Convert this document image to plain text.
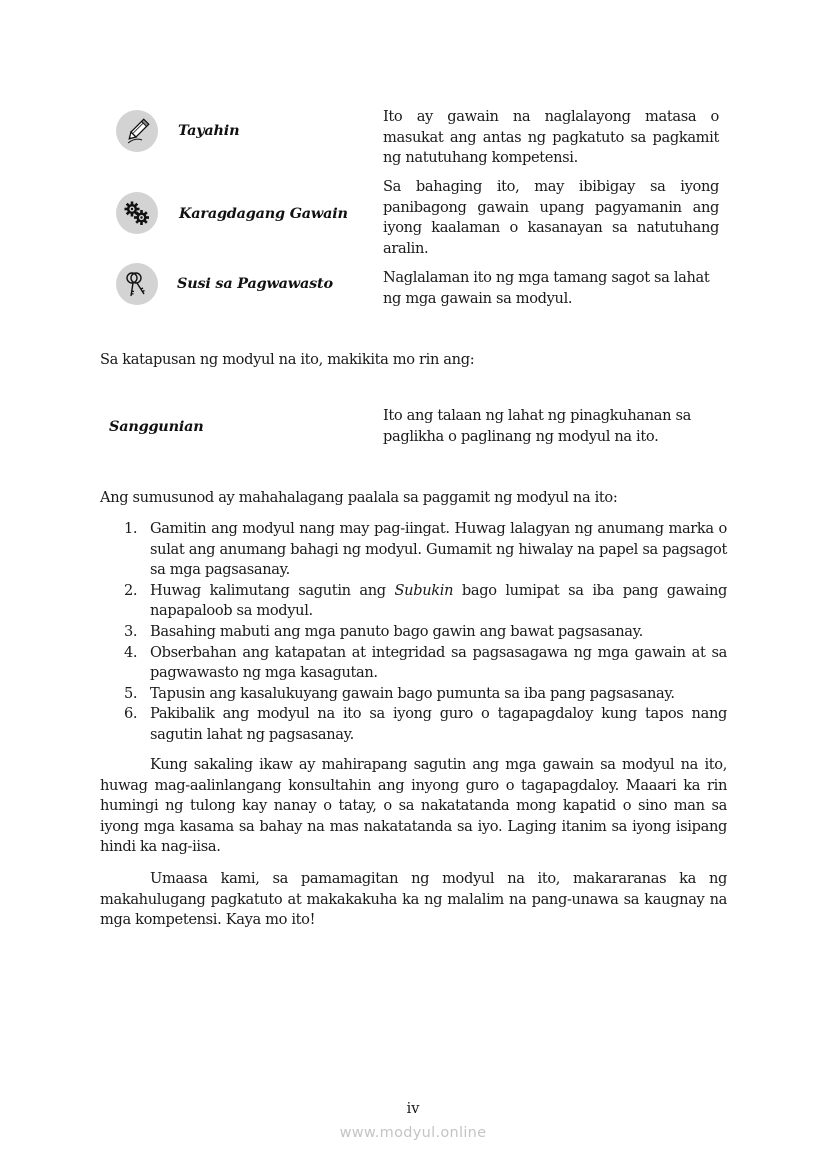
Tayahin
Ito ay gawain na naglalayong matasa o masukat ang antas ng pagkatuto sa pagkamit ng natutuhang kompetensi.
Karagdagang Gawain
Sa bahaging ito, may ibibigay sa iyong panibagong gawain upang pagyamanin ang iyong kaalaman o kasanayan sa natutuhang aralin.
Susi sa Pagwawasto	Naglalaman ito ng mga tamang sagot sa lahat ng mga gawain sa modyul.
Sa katapusan ng modyul na ito, makikita mo rin ang:
Sanggunian
Ito ang talaan ng lahat ng pinagkuhanan sa paglikha o paglinang ng modyul na ito.
Ang sumusunod ay mahahalagang paalala sa paggamit ng modyul na ito:
1. Gamitin ang modyul nang may pag-iingat. Huwag lalagyan ng anumang marka o sulat ang anumang bahagi ng modyul. Gumamit ng hiwalay na papel sa pagsagot sa mga pagsasanay.
2. Huwag kalimutang sagutin ang Subukin bago lumipat sa iba pang gawaing napapaloob sa modyul.
3. Basahing mabuti ang mga panuto bago gawin ang bawat pagsasanay.
4. Obserbahan ang katapatan at integridad sa pagsasagawa ng mga gawain at sa pagwawasto ng mga kasagutan.
5. Tapusin ang kasalukuyang gawain bago pumunta sa iba pang pagsasanay.
6. Pakibalik ang modyul na ito sa iyong guro o tagapagdaloy kung tapos nang sagutin lahat ng pagsasanay.
Kung sakaling ikaw ay mahirapang sagutin ang mga gawain sa modyul na ito, huwag mag-aalinlangang konsultahin ang inyong guro o tagapagdaloy. Maaari ka rin humingi ng tulong kay nanay o tatay, o sa nakatatanda mong kapatid o sino man sa iyong mga kasama sa bahay na mas nakatatanda sa iyo. Laging itanim sa iyong isipang hindi ka nag-iisa.
Umaasa kami, sa pamamagitan ng modyul na ito, makararanas ka ng makahulugang pagkatuto at makakakuha ka ng malalim na pang-unawa sa kaugnay na mga kompetensi. Kaya mo ito!
iv
www.modyul.online
